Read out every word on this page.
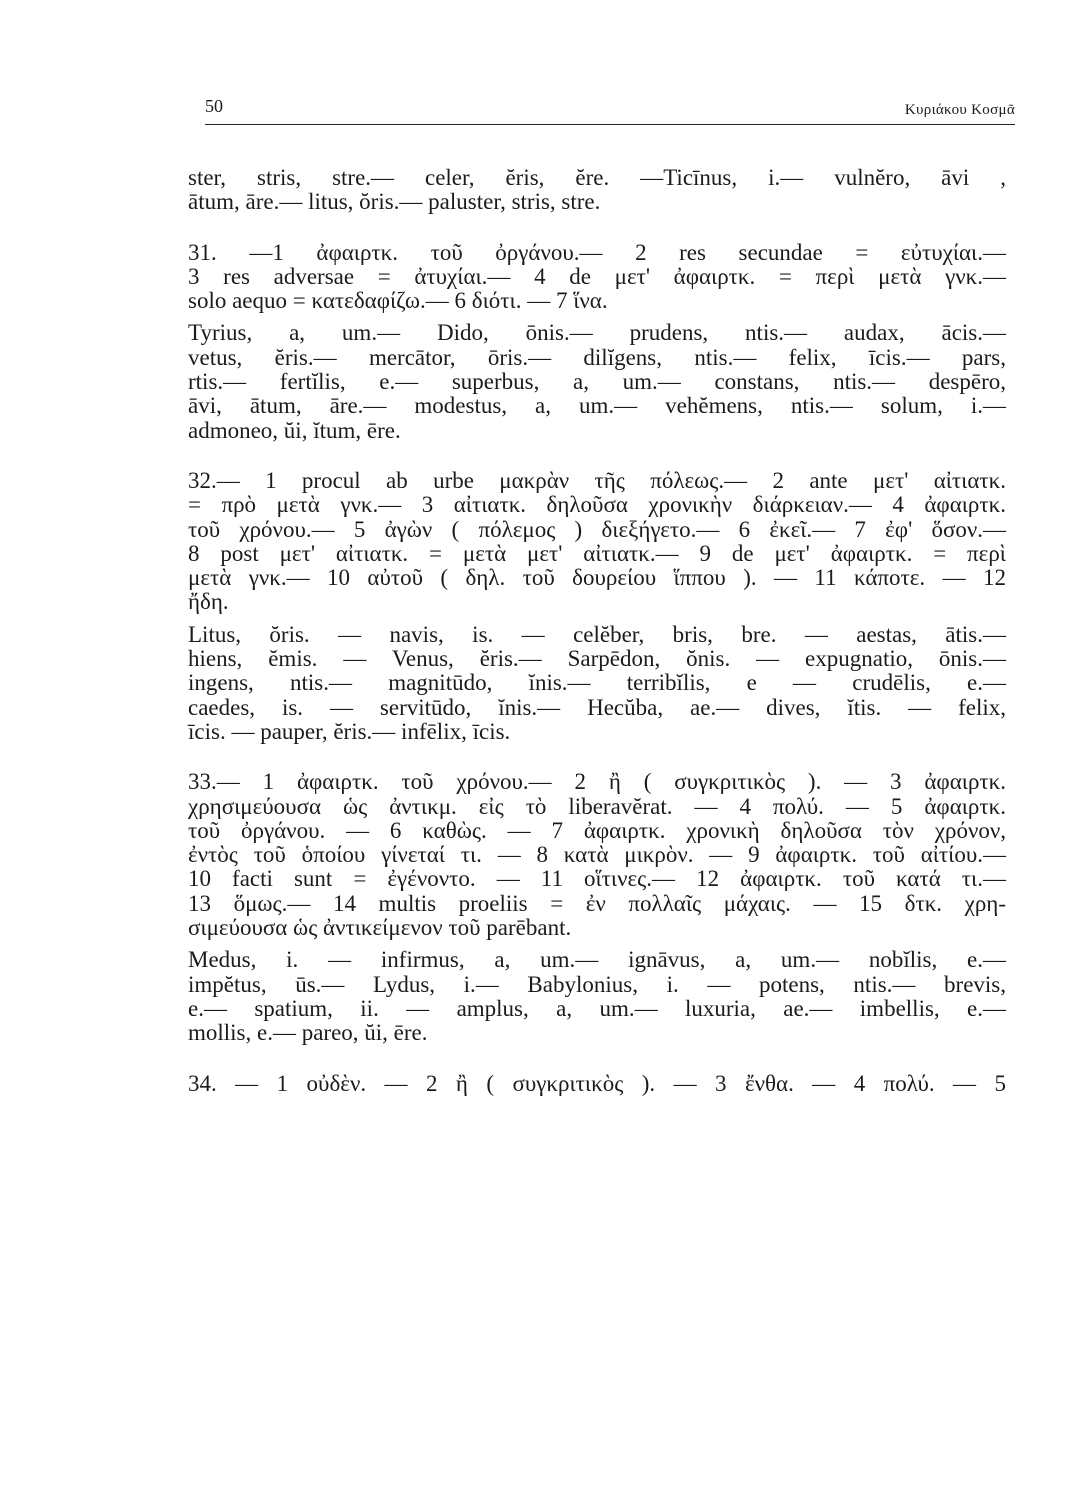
50	Κυριάκου Κοσμᾶ
ster, stris, stre.— celer, ĕris, ĕre. —Ticīnus, i.— vulnĕro, āvi ,
ātum, āre.— litus, ŏris.— paluster, stris, stre.
31. —1 ἀφαιρτκ. τοῦ ὀργάνου.— 2 res secundae = εὐτυχίαι.—
3 res adversae = ἀτυχίαι.— 4 de μετ' ἀφαιρτκ. = περὶ μετὰ γνκ.—
solo aequo = κατεδαφίζω.— 6 διότι. — 7 ἵνα.
Tyrius, a, um.— Dido, ōnis.— prudens, ntis.— audax, ācis.—
vetus, ĕris.— mercātor, ōris.— dilĭgens, ntis.— felix, īcis.— pars,
rtis.— fertĭlis, e.— superbus, a, um.— constans, ntis.— despēro,
āvi, ātum, āre.— modestus, a, um.— vehĕmens, ntis.— solum, i.—
admoneo, ŭi, ĭtum, ēre.
32.— 1 procul ab urbe μακρὰν τῆς πόλεως.— 2 ante μετ' αἰτιατκ.
= πρὸ μετὰ γνκ.— 3 αἰτιατκ. δηλοῦσα χρονικὴν διάρκειαν.— 4 ἀφαιρτκ.
τοῦ χρόνου.— 5 ἀγὼν ( πόλεμος ) διεξήγετο.— 6 ἐκεῖ.— 7 ἐφ' ὅσον.—
8 post μετ' αἰτιατκ. = μετὰ μετ' αἰτιατκ.— 9 de μετ' ἀφαιρτκ. = περὶ
μετὰ γνκ.— 10 αὐτοῦ ( δηλ. τοῦ δουρείου ἵππου ). — 11 κάποτε. — 12
ἤδη.
Litus, ŏris. — navis, is. — celĕber, bris, bre. — aestas, ātis.—
hiens, ĕmis. — Venus, ĕris.— Sarpēdon, ŏnis. — expugnatio, ōnis.—
ingens, ntis.— magnitūdo, ĭnis.— terribĭlis, e — crudēlis, e.—
caedes, is. — servitūdo, ĭnis.— Hecŭba, ae.— dives, ĭtis. — felix,
īcis. — pauper, ĕris.— infēlix, īcis.
33.— 1 ἀφαιρτκ. τοῦ χρόνου.— 2 ἢ ( συγκριτικὸς ). — 3 ἀφαιρτκ.
χρησιμεύουσα ὡς ἀντικμ. εἰς τὸ liberavĕrat. — 4 πολύ. — 5 ἀφαιρτκ.
τοῦ ὀργάνου. — 6 καθὼς. — 7 ἀφαιρτκ. χρονικὴ δηλοῦσα τὸν χρόνον,
ἐντὸς τοῦ ὁποίου γίνεταί τι. — 8 κατὰ μικρὸν. — 9 ἀφαιρτκ. τοῦ αἰτίου.—
10 facti sunt = ἐγένοντο. — 11 οἵτινες.— 12 ἀφαιρτκ. τοῦ κατά τι.—
13 ὅμως.— 14 multis proeliis = ἐν πολλαῖς μάχαις. — 15 δτκ. χρη-
σιμεύουσα ὡς ἀντικείμενον τοῦ parēbant.
Medus, i. — infirmus, a, um.— ignāvus, a, um.— nobĭlis, e.—
impĕtus, ūs.— Lydus, i.— Babylonius, i. — potens, ntis.— brevis,
e.— spatium, ii. — amplus, a, um.— luxuria, ae.— imbellis, e.—
mollis, e.— pareo, ŭi, ēre.
34. — 1 οὐδὲν. — 2 ἢ ( συγκριτικὸς ). — 3 ἔνθα. — 4 πολύ. — 5
